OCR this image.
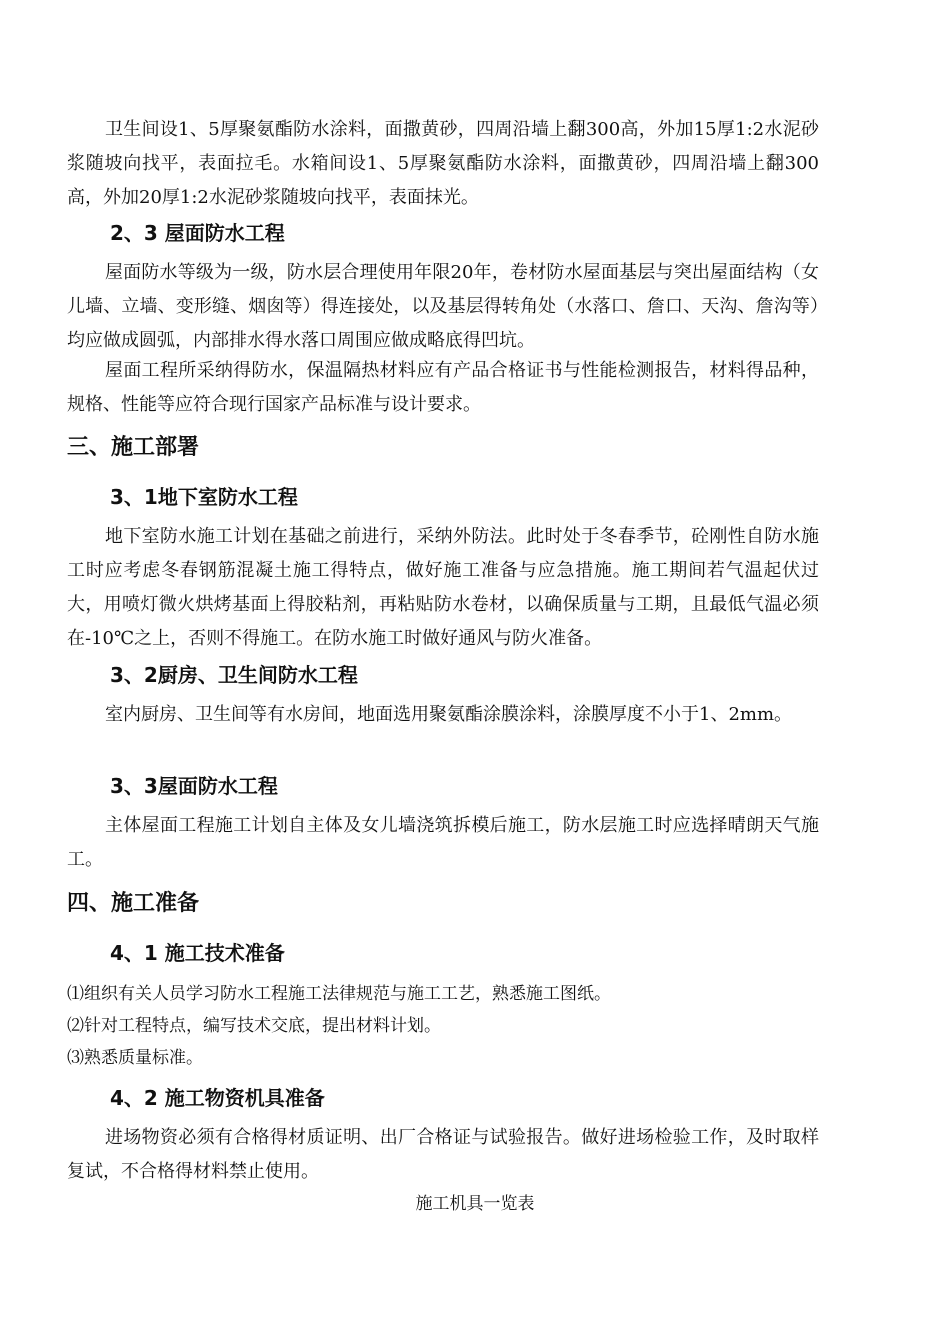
卫生间设1、5厚聚氨酯防水涂料，面撒黄砂，四周沿墙上翻300高，外加15厚1:2水泥砂浆随坡向找平，表面拉毛。水箱间设1、5厚聚氨酯防水涂料，面撒黄砂，四周沿墙上翻300高，外加20厚1:2水泥砂浆随坡向找平，表面抹光。

2、3 屋面防水工程

屋面防水等级为一级，防水层合理使用年限20年，卷材防水屋面基层与突出屋面结构（女儿墙、立墙、变形缝、烟囱等）得连接处，以及基层得转角处（水落口、詹口、天沟、詹沟等）均应做成圆弧，内部排水得水落口周围应做成略底得凹坑。

屋面工程所采纳得防水，保温隔热材料应有产品合格证书与性能检测报告，材料得品种，规格、性能等应符合现行国家产品标准与设计要求。

三、施工部署
3、1地下室防水工程

地下室防水施工计划在基础之前进行，采纳外防法。此时处于冬春季节，砼刚性自防水施工时应考虑冬春钢筋混凝土施工得特点，做好施工准备与应急措施。施工期间若气温起伏过大，用喷灯微火烘烤基面上得胶粘剂，再粘贴防水卷材，以确保质量与工期，且最低气温必须在-10℃之上，否则不得施工。在防水施工时做好通风与防火准备。

3、2厨房、卫生间防水工程

室内厨房、卫生间等有水房间，地面选用聚氨酯涂膜涂料，涂膜厚度不小于1、2mm。

3、3屋面防水工程

主体屋面工程施工计划自主体及女儿墙浇筑拆模后施工，防水层施工时应选择晴朗天气施工。

四、施工准备
4、1 施工技术准备

⑴组织有关人员学习防水工程施工法律规范与施工工艺，熟悉施工图纸。

⑵针对工程特点，编写技术交底，提出材料计划。

⑶熟悉质量标准。

4、2 施工物资机具准备

进场物资必须有合格得材质证明、出厂合格证与试验报告。做好进场检验工作，及时取样复试，不合格得材料禁止使用。

施工机具一览表
